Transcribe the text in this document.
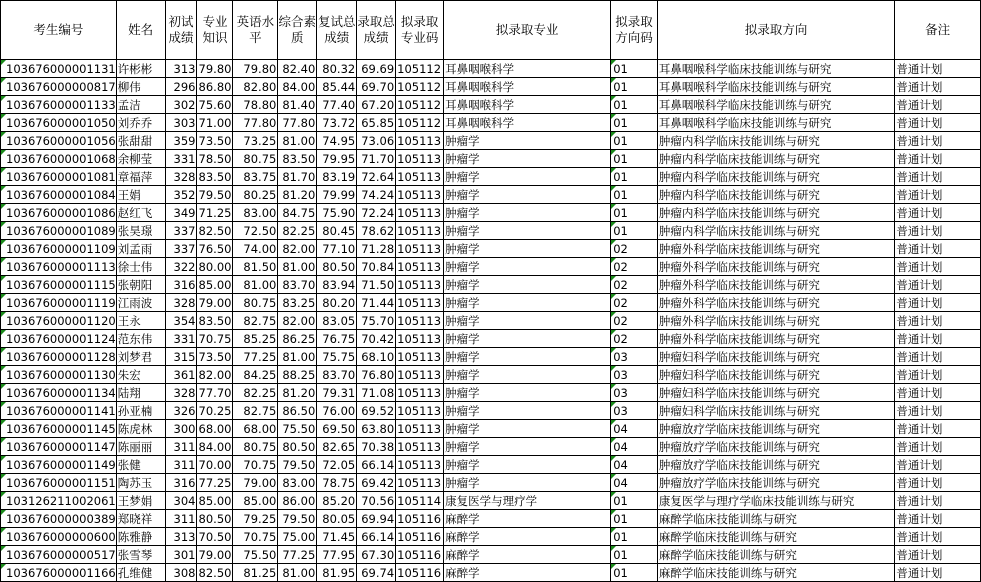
考生编号	姓名	初试成绩	专业知识	英语水平	综合素质	复试总成绩	录取总成绩	拟录取专业码	拟录取专业	拟录取方向码	拟录取方向	备注
103676000001131	许彬彬	313	79.80	79.80	82.40	80.32	69.69	105112	耳鼻咽喉科学	01	耳鼻咽喉科学临床技能训练与研究	普通计划
103676000000817	柳伟	296	86.80	82.80	84.00	85.44	69.70	105112	耳鼻咽喉科学	01	耳鼻咽喉科学临床技能训练与研究	普通计划
103676000001133	孟洁	302	75.60	78.80	81.40	77.40	67.20	105112	耳鼻咽喉科学	01	耳鼻咽喉科学临床技能训练与研究	普通计划
103676000001050	刘乔乔	303	71.00	77.80	77.80	73.72	65.85	105112	耳鼻咽喉科学	01	耳鼻咽喉科学临床技能训练与研究	普通计划
103676000001056	张甜甜	359	73.50	73.25	81.00	74.95	73.06	105113	肿瘤学	01	肿瘤内科学临床技能训练与研究	普通计划
103676000001068	余柳莹	331	78.50	80.75	83.50	79.95	71.70	105113	肿瘤学	01	肿瘤内科学临床技能训练与研究	普通计划
103676000001081	章福萍	328	83.50	83.75	81.70	83.19	72.64	105113	肿瘤学	01	肿瘤内科学临床技能训练与研究	普通计划
103676000001084	王娟	352	79.50	80.25	81.20	79.99	74.24	105113	肿瘤学	01	肿瘤内科学临床技能训练与研究	普通计划
103676000001086	赵红飞	349	71.25	83.00	84.75	75.90	72.24	105113	肿瘤学	01	肿瘤内科学临床技能训练与研究	普通计划
103676000001089	张昊璟	337	82.50	72.50	82.25	80.45	78.62	105113	肿瘤学	01	肿瘤内科学临床技能训练与研究	普通计划
103676000001109	刘孟雨	337	76.50	74.00	82.00	77.10	71.28	105113	肿瘤学	02	肿瘤外科学临床技能训练与研究	普通计划
103676000001113	徐士伟	322	80.00	81.50	81.00	80.50	70.84	105113	肿瘤学	02	肿瘤外科学临床技能训练与研究	普通计划
103676000001115	张朝阳	316	85.00	81.00	83.70	83.94	71.50	105113	肿瘤学	02	肿瘤外科学临床技能训练与研究	普通计划
103676000001119	江雨波	328	79.00	80.75	83.25	80.20	71.44	105113	肿瘤学	02	肿瘤外科学临床技能训练与研究	普通计划
103676000001120	王永	354	83.50	82.75	82.00	83.05	75.70	105113	肿瘤学	02	肿瘤外科学临床技能训练与研究	普通计划
103676000001124	范东伟	331	70.75	85.25	86.25	76.75	70.42	105113	肿瘤学	02	肿瘤外科学临床技能训练与研究	普通计划
103676000001128	刘梦君	315	73.50	77.25	81.00	75.75	68.10	105113	肿瘤学	03	肿瘤妇科学临床技能训练与研究	普通计划
103676000001130	朱宏	361	82.00	84.25	88.25	83.70	76.80	105113	肿瘤学	03	肿瘤妇科学临床技能训练与研究	普通计划
103676000001134	陆翔	328	77.70	82.25	81.20	79.31	71.08	105113	肿瘤学	03	肿瘤妇科学临床技能训练与研究	普通计划
103676000001141	孙亚楠	326	70.25	82.75	86.50	76.00	69.52	105113	肿瘤学	03	肿瘤妇科学临床技能训练与研究	普通计划
103676000001145	陈虎林	300	68.00	68.00	75.50	69.50	63.80	105113	肿瘤学	04	肿瘤放疗学临床技能训练与研究	普通计划
103676000001147	陈丽丽	311	84.00	80.75	80.50	82.65	70.38	105113	肿瘤学	04	肿瘤放疗学临床技能训练与研究	普通计划
103676000001149	张健	311	70.00	70.75	79.50	72.05	66.14	105113	肿瘤学	04	肿瘤放疗学临床技能训练与研究	普通计划
103676000001151	陶苏玉	316	77.25	79.00	83.00	78.75	69.42	105113	肿瘤学	04	肿瘤放疗学临床技能训练与研究	普通计划
103126211002061	王梦娟	304	85.00	85.00	86.00	85.20	70.56	105114	康复医学与理疗学	01	康复医学与理疗学临床技能训练与研究	普通计划
103676000000389	郑晓祥	311	80.50	79.25	79.50	80.05	69.94	105116	麻醉学	01	麻醉学临床技能训练与研究	普通计划
103676000000600	陈雅静	313	70.50	70.75	75.00	71.45	66.14	105116	麻醉学	01	麻醉学临床技能训练与研究	普通计划
103676000000517	张雪琴	301	79.00	75.50	77.25	77.95	67.30	105116	麻醉学	01	麻醉学临床技能训练与研究	普通计划
103676000001166	孔维健	308	82.50	81.25	81.00	81.95	69.74	105116	麻醉学	01	麻醉学临床技能训练与研究	普通计划
